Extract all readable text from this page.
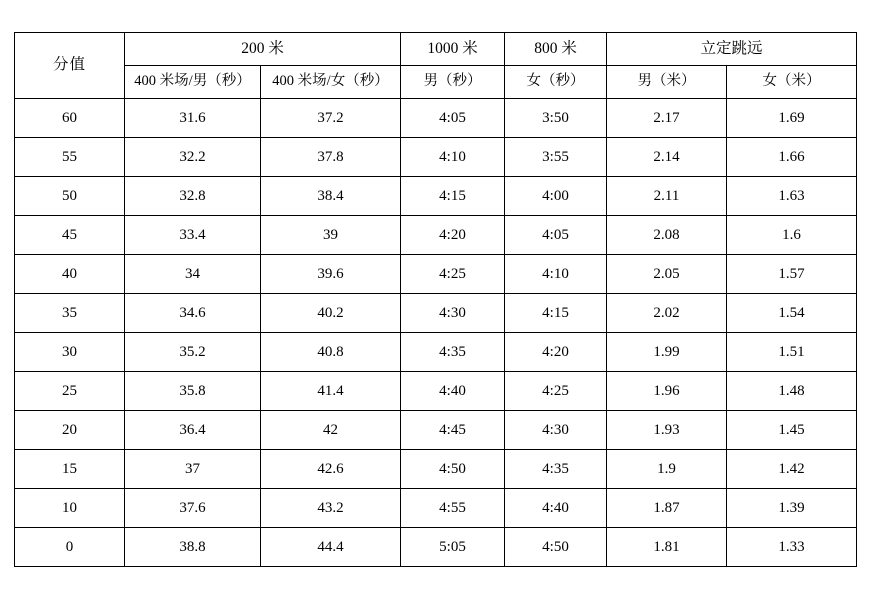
分值	200 米		1000 米	800 米	立定跳远	
	400 米场/男（秒）	400 米场/女（秒）	男（秒）	女（秒）	男（米）	女（米）
60	31.6	37.2	4:05	3:50	2.17	1.69
55	32.2	37.8	4:10	3:55	2.14	1.66
50	32.8	38.4	4:15	4:00	2.11	1.63
45	33.4	39	4:20	4:05	2.08	1.6
40	34	39.6	4:25	4:10	2.05	1.57
35	34.6	40.2	4:30	4:15	2.02	1.54
30	35.2	40.8	4:35	4:20	1.99	1.51
25	35.8	41.4	4:40	4:25	1.96	1.48
20	36.4	42	4:45	4:30	1.93	1.45
15	37	42.6	4:50	4:35	1.9	1.42
10	37.6	43.2	4:55	4:40	1.87	1.39
0	38.8	44.4	5:05	4:50	1.81	1.33
